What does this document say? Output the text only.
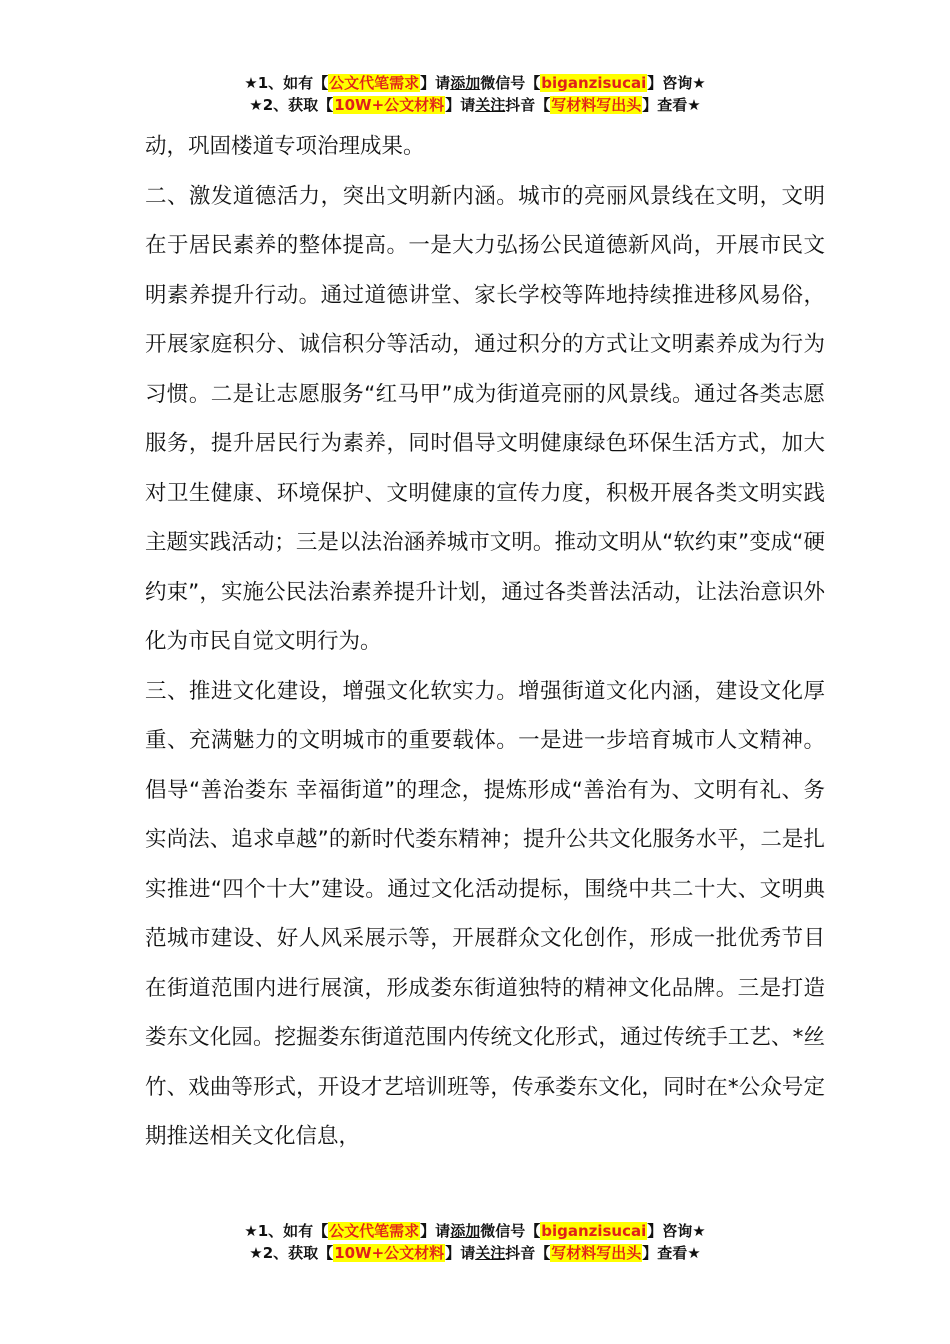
★1、如有【公文代笔需求】请添加微信号【biganzisucai】咨询★
★2、获取【10W+公文材料】请关注抖音【写材料写出头】查看★

动，巩固楼道专项治理成果。

二、激发道德活力，突出文明新内涵。城市的亮丽风景线在文明，文明在于居民素养的整体提高。一是大力弘扬公民道德新风尚，开展市民文明素养提升行动。通过道德讲堂、家长学校等阵地持续推进移风易俗，开展家庭积分、诚信积分等活动，通过积分的方式让文明素养成为行为习惯。二是让志愿服务“红马甲”成为街道亮丽的风景线。通过各类志愿服务，提升居民行为素养，同时倡导文明健康绿色环保生活方式，加大对卫生健康、环境保护、文明健康的宣传力度，积极开展各类文明实践主题实践活动；三是以法治涵养城市文明。推动文明从“软约束”变成“硬约束”，实施公民法治素养提升计划，通过各类普法活动，让法治意识外化为市民自觉文明行为。

三、推进文化建设，增强文化软实力。增强街道文化内涵，建设文化厚重、充满魅力的文明城市的重要载体。一是进一步培育城市人文精神。倡导“善治娄东 幸福街道”的理念，提炼形成“善治有为、文明有礼、务实尚法、追求卓越”的新时代娄东精神；提升公共文化服务水平，二是扎实推进“四个十大”建设。通过文化活动提标，围绕中共二十大、文明典范城市建设、好人风采展示等，开展群众文化创作，形成一批优秀节目在街道范围内进行展演，形成娄东街道独特的精神文化品牌。三是打造娄东文化园。挖掘娄东街道范围内传统文化形式，通过传统手工艺、*丝竹、戏曲等形式，开设才艺培训班等，传承娄东文化，同时在*公众号定期推送相关文化信息，

★1、如有【公文代笔需求】请添加微信号【biganzisucai】咨询★
★2、获取【10W+公文材料】请关注抖音【写材料写出头】查看★
